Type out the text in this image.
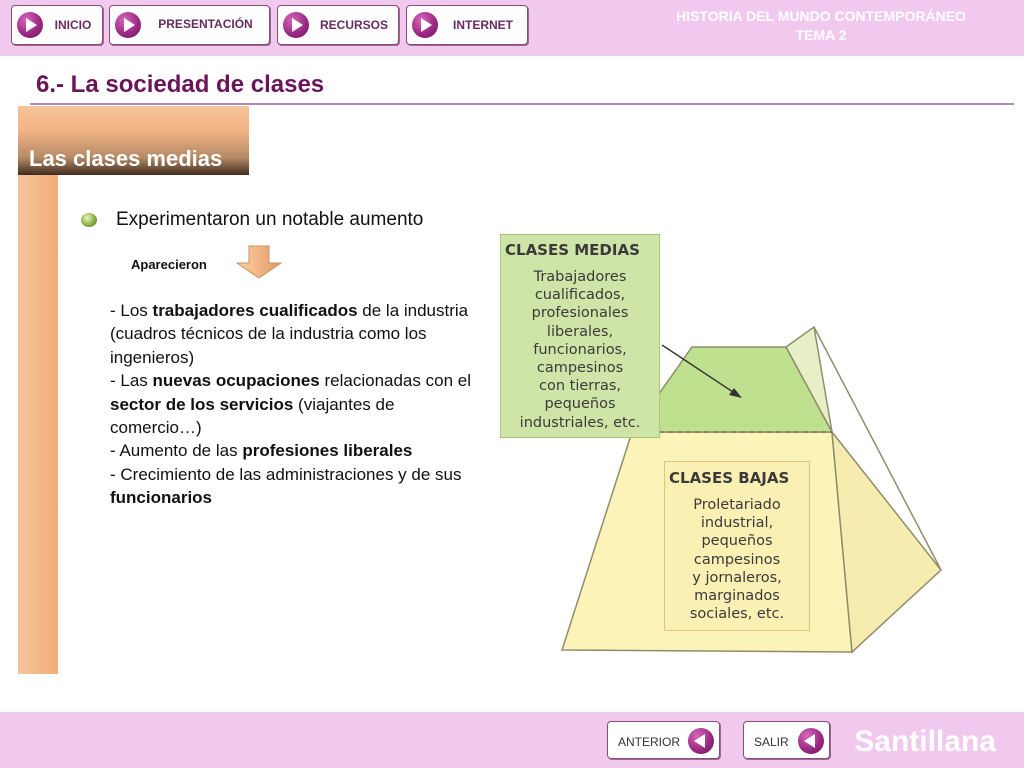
INICIO	PRESENTACIÓN	RECURSOS	INTERNET
HISTORIA DEL MUNDO CONTEMPORÁNEO
TEMA 2
6.- La sociedad de clases
Las clases medias
Experimentaron un notable aumento
Aparecieron
- Los trabajadores cualificados de la industria (cuadros técnicos de la industria como los ingenieros)
- Las nuevas ocupaciones relacionadas con el sector de los servicios (viajantes de comercio…)
- Aumento de las profesiones liberales
- Crecimiento de las administraciones y de sus funcionarios
CLASES MEDIAS
Trabajadores
cualificados,
profesionales
liberales,
funcionarios,
campesinos
con tierras,
pequeños
industriales, etc.
CLASES BAJAS
Proletariado
industrial,
pequeños
campesinos
y jornaleros,
marginados
sociales, etc.
ANTERIOR	SALIR Santillana
